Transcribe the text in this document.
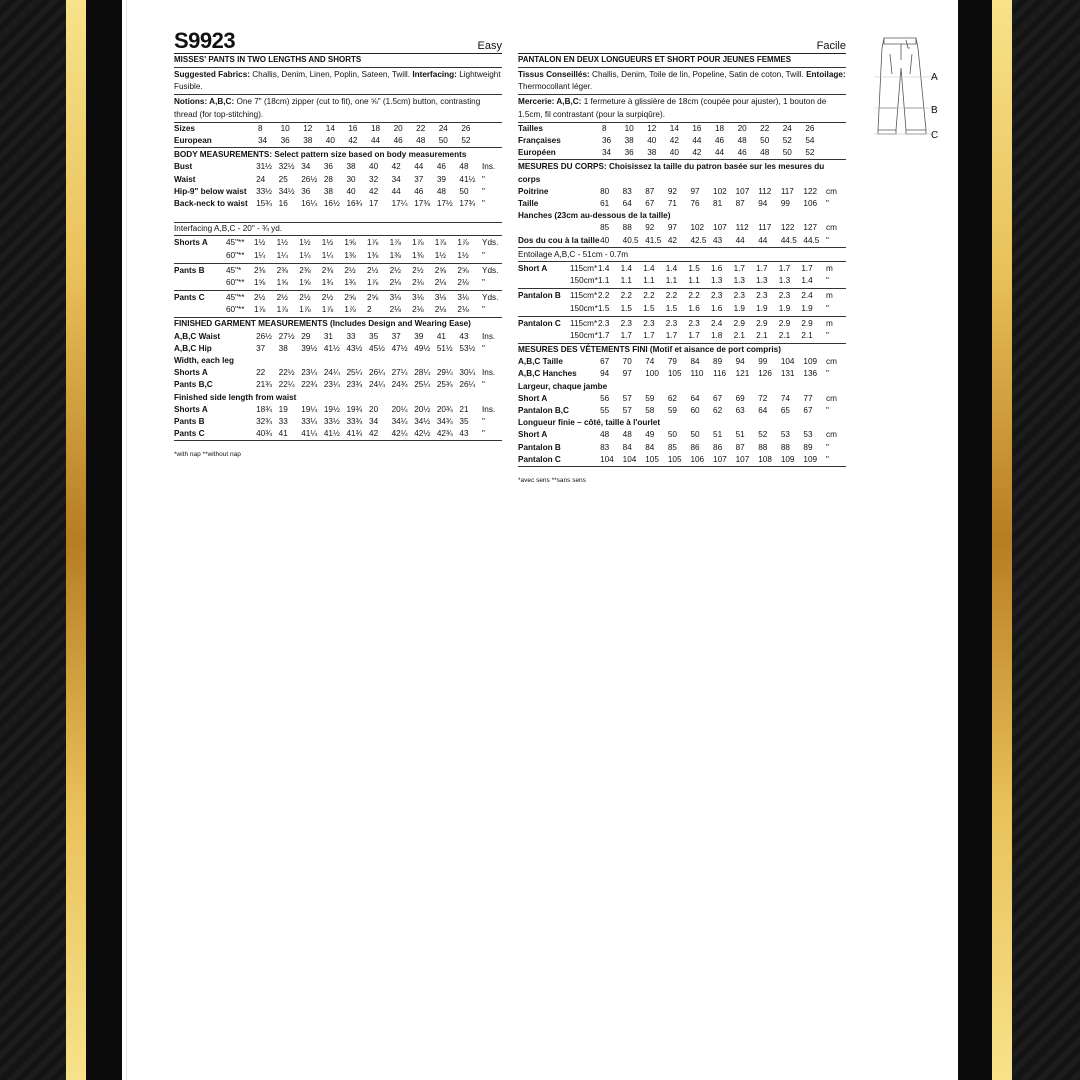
S9923	Easy
MISSES' PANTS IN TWO LENGTHS AND SHORTS
Suggested Fabrics: Challis, Denim, Linen, Poplin, Sateen, Twill. Interfacing: Lightweight Fusible.
Notions: A,B,C: One 7" (18cm) zipper (cut to fit), one ⅝" (1.5cm) button, contrasting thread (for top-stitching).
Sizes	8	10	12	14	16	18	20	22	24	26
European	34	36	38	40	42	44	46	48	50	52
BODY MEASUREMENTS: Select pattern size based on body measurements
Bust	31½ 32½ 34	36	38	40	42	44	46	48	Ins.
Waist	24	25	26½ 28	30	32	34	37	39	41½ "
Hip-9" below waist	33½ 34½ 36	38	40	42	44	46	48	50	"
Back-neck to waist	15¾ 16	16¼ 16½ 16¾ 17	17¼ 17⅜ 17½ 17¾ "
Interfacing A,B,C - 20" - ¾ yd.
Shorts A	45"**	1½	1½	1½	1½	1⅝	1⅞	1⅞	1⅞	1⅞	1⅞	Yds.
60"**	1¼	1¼	1¼	1¼	1⅜	1⅜	1⅜	1⅜	1½	1½	"
Pants B	45"*	2⅜	2⅜	2⅜	2⅜	2½	2½	2½	2½	2⅝	2⅝	Yds.
60"**	1⅝	1⅝	1⅝	1¾	1¾	1⅞	2⅛	2⅛	2⅛	2⅛	"
Pants C	45"**	2½	2½	2½	2½	2⅝	2⅝	3⅛	3⅛	3⅛	3⅛	Yds.
60"**	1⅞	1⅞	1⅞	1⅞	1⅞	2	2⅛	2⅛	2⅛	2⅛	"
FINISHED GARMENT MEASUREMENTS (Includes Design and Wearing Ease)
A,B,C Waist	26½ 27½ 29	31	33	35	37	39	41	43	Ins.
A,B,C Hip	37	38	39½ 41½ 43½ 45½ 47½ 49½ 51½ 53½ "
Width, each leg
Shorts A	22	22½ 23¼ 24¼ 25¼ 26¼ 27¼ 28¼ 29¼ 30¼ Ins.
Pants B,C	21¾ 22¼ 22¾ 23¼ 23¾ 24¼ 24¾ 25¼ 25¾ 26¼ "
Finished side length from waist
Shorts A	18¾ 19	19¼ 19½ 19¾ 20	20¼ 20½ 20¾ 21	Ins.
Pants B	32¾ 33	33¼ 33½ 33¾ 34	34¼ 34½ 34¾ 35	"
Pants C	40¾ 41	41¼ 41½ 41¾ 42	42¼ 42½ 42¾ 43	"
*with nap **without nap
Facile
PANTALON EN DEUX LONGUEURS ET SHORT POUR JEUNES FEMMES
Tissus Conseillés: Challis, Denim, Toile de lin, Popeline, Satin de coton, Twill. Entoilage: Thermocollant léger.
Mercerie: A,B,C: 1 fermeture à glissière de 18cm (coupée pour ajuster), 1 bouton de 1.5cm, fil contrastant (pour la surpiqûre).
Tailles	8	10	12	14	16	18	20	22	24	26
Françaises	36	38	40	42	44	46	48	50	52	54
Européen	34	36	38	40	42	44	46	48	50	52
MESURES DU CORPS: Choisissez la taille du patron basée sur les mesures du corps
Poitrine	80	83	87	92	97	102	107	112	117	122	cm
Taille	61	64	67	71	76	81	87	94	99	106	"
Hanches (23cm au-dessous de la taille)
85	88	92	97	102	107	112	117	122	127	cm
Dos du cou à la taille 40	40.5 41.5 42	42.5 43	44	44	44.5 44.5 "
Entoilage A,B,C - 51cm - 0.7m
Short A	115cm* 1.4	1.4	1.4	1.4	1.5	1.6	1.7	1.7	1.7	1.7	m
150cm* 1.1	1.1	1.1	1.1	1.1	1.3	1.3	1.3	1.3	1.4	"
Pantalon B	115cm* 2.2	2.2	2.2	2.2	2.2	2.3	2.3	2.3	2.3	2.4	m
150cm* 1.5	1.5	1.5	1.5	1.6	1.6	1.9	1.9	1.9	1.9	"
Pantalon C	115cm* 2.3	2.3	2.3	2.3	2.3	2.4	2.9	2.9	2.9	2.9	m
150cm* 1.7	1.7	1.7	1.7	1.7	1.8	2.1	2.1	2.1	2.1	"
MESURES DES VÊTEMENTS FINI (Motif et aisance de port compris)
A,B,C Taille	67	70	74	79	84	89	94	99	104	109	cm
A,B,C Hanches	94	97	100	105	110	116	121	126	131	136	"
Largeur, chaque jambe
Short A	56	57	59	62	64	67	69	72	74	77	cm
Pantalon B,C	55	57	58	59	60	62	63	64	65	67	"
Longueur finie – côté, taille à l'ourlet
Short A	48	48	49	50	50	51	51	52	53	53	cm
Pantalon B	83	84	84	85	86	86	87	88	88	89	"
Pantalon C	104	104	105	105	106	107	107	108	109	109	"
*avec sens **sans sens
A
B
C
